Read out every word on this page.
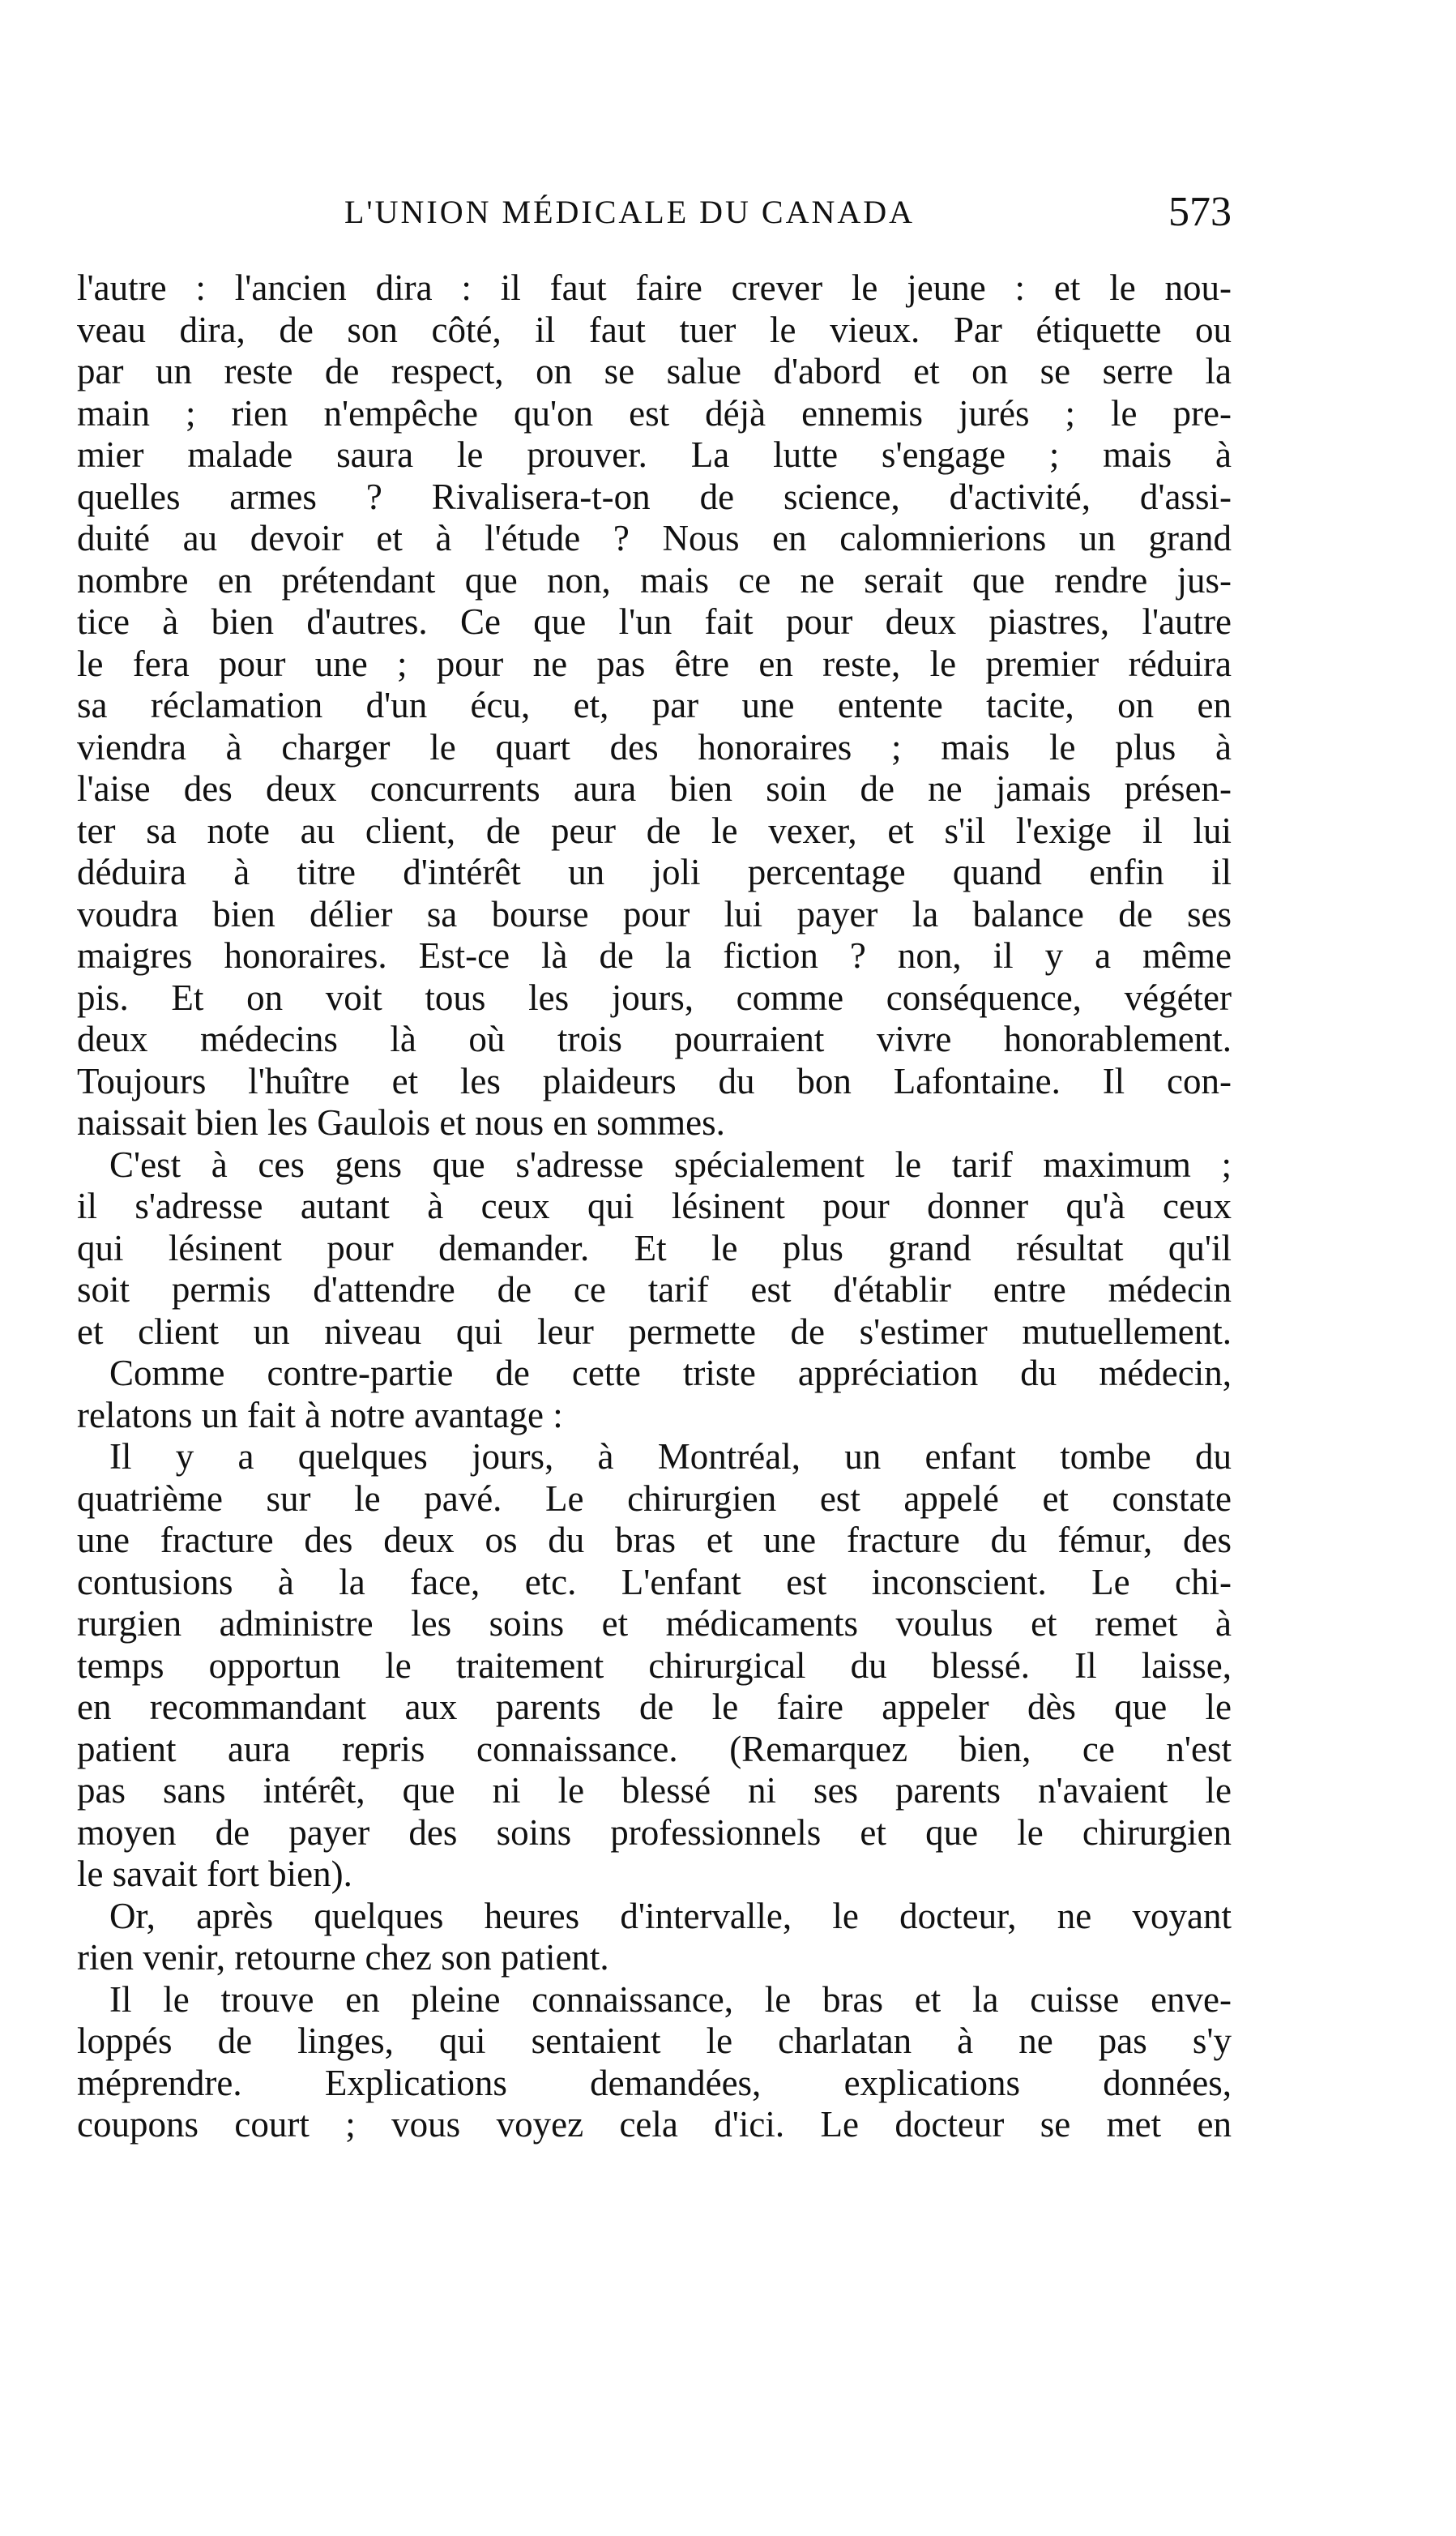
L'UNION MÉDICALE DU CANADA	573
l'autre : l'ancien dira : il faut faire crever le jeune : et le nou-
veau dira, de son côté, il faut tuer le vieux. Par étiquette ou
par un reste de respect, on se salue d'abord et on se serre la
main ; rien n'empêche qu'on est déjà ennemis jurés ; le pre-
mier malade saura le prouver. La lutte s'engage ; mais à
quelles armes ? Rivalisera-t-on de science, d'activité, d'assi-
duité au devoir et à l'étude ? Nous en calomnierions un grand
nombre en prétendant que non, mais ce ne serait que rendre jus-
tice à bien d'autres. Ce que l'un fait pour deux piastres, l'autre
le fera pour une ; pour ne pas être en reste, le premier réduira
sa réclamation d'un écu, et, par une entente tacite, on en
viendra à charger le quart des honoraires ; mais le plus à
l'aise des deux concurrents aura bien soin de ne jamais présen-
ter sa note au client, de peur de le vexer, et s'il l'exige il lui
déduira à titre d'intérêt un joli percentage quand enfin il
voudra bien délier sa bourse pour lui payer la balance de ses
maigres honoraires. Est-ce là de la fiction ? non, il y a même
pis. Et on voit tous les jours, comme conséquence, végéter
deux médecins là où trois pourraient vivre honorablement.
Toujours l'huître et les plaideurs du bon Lafontaine. Il con-
naissait bien les Gaulois et nous en sommes.
C'est à ces gens que s'adresse spécialement le tarif maximum ;
il s'adresse autant à ceux qui lésinent pour donner qu'à ceux
qui lésinent pour demander. Et le plus grand résultat qu'il
soit permis d'attendre de ce tarif est d'établir entre médecin
et client un niveau qui leur permette de s'estimer mutuellement.
Comme contre-partie de cette triste appréciation du médecin,
relatons un fait à notre avantage :
Il y a quelques jours, à Montréal, un enfant tombe du
quatrième sur le pavé. Le chirurgien est appelé et constate
une fracture des deux os du bras et une fracture du fémur, des
contusions à la face, etc. L'enfant est inconscient. Le chi-
rurgien administre les soins et médicaments voulus et remet à
temps opportun le traitement chirurgical du blessé. Il laisse,
en recommandant aux parents de le faire appeler dès que le
patient aura repris connaissance. (Remarquez bien, ce n'est
pas sans intérêt, que ni le blessé ni ses parents n'avaient le
moyen de payer des soins professionnels et que le chirurgien
le savait fort bien).
Or, après quelques heures d'intervalle, le docteur, ne voyant
rien venir, retourne chez son patient.
Il le trouve en pleine connaissance, le bras et la cuisse enve-
loppés de linges, qui sentaient le charlatan à ne pas s'y
méprendre. Explications demandées, explications données,
coupons court ; vous voyez cela d'ici. Le docteur se met en
